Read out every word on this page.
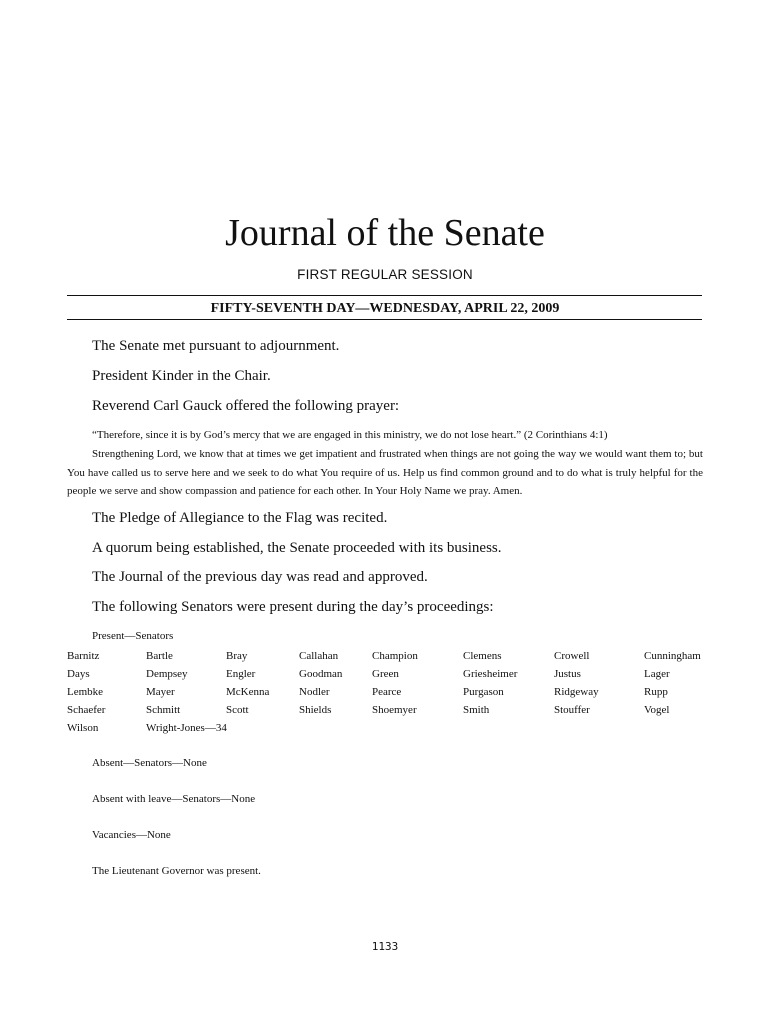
Journal of the Senate
FIRST REGULAR SESSION
FIFTY-SEVENTH DAY—WEDNESDAY, APRIL 22, 2009
The Senate met pursuant to adjournment.
President Kinder in the Chair.
Reverend Carl Gauck offered the following prayer:
“Therefore, since it is by God’s mercy that we are engaged in this ministry, we do not lose heart.” (2 Corinthians 4:1)
Strengthening Lord, we know that at times we get impatient and frustrated when things are not going the way we would want them to; but You have called us to serve here and we seek to do what You require of us. Help us find common ground and to do what is truly helpful for the people we serve and show compassion and patience for each other. In Your Holy Name we pray. Amen.
The Pledge of Allegiance to the Flag was recited.
A quorum being established, the Senate proceeded with its business.
The Journal of the previous day was read and approved.
The following Senators were present during the day’s proceedings:
Present—Senators
Barnitz	Bartle	Bray	Callahan	Champion	Clemens	Crowell	Cunningham
Days	Dempsey	Engler	Goodman	Green	Griesheimer	Justus	Lager
Lembke	Mayer	McKenna	Nodler	Pearce	Purgason	Ridgeway	Rupp
Schaefer	Schmitt	Scott	Shields	Shoemyer	Smith	Stouffer	Vogel
Wilson	Wright-Jones—34
Absent—Senators—None
Absent with leave—Senators—None
Vacancies—None
The Lieutenant Governor was present.
1133
